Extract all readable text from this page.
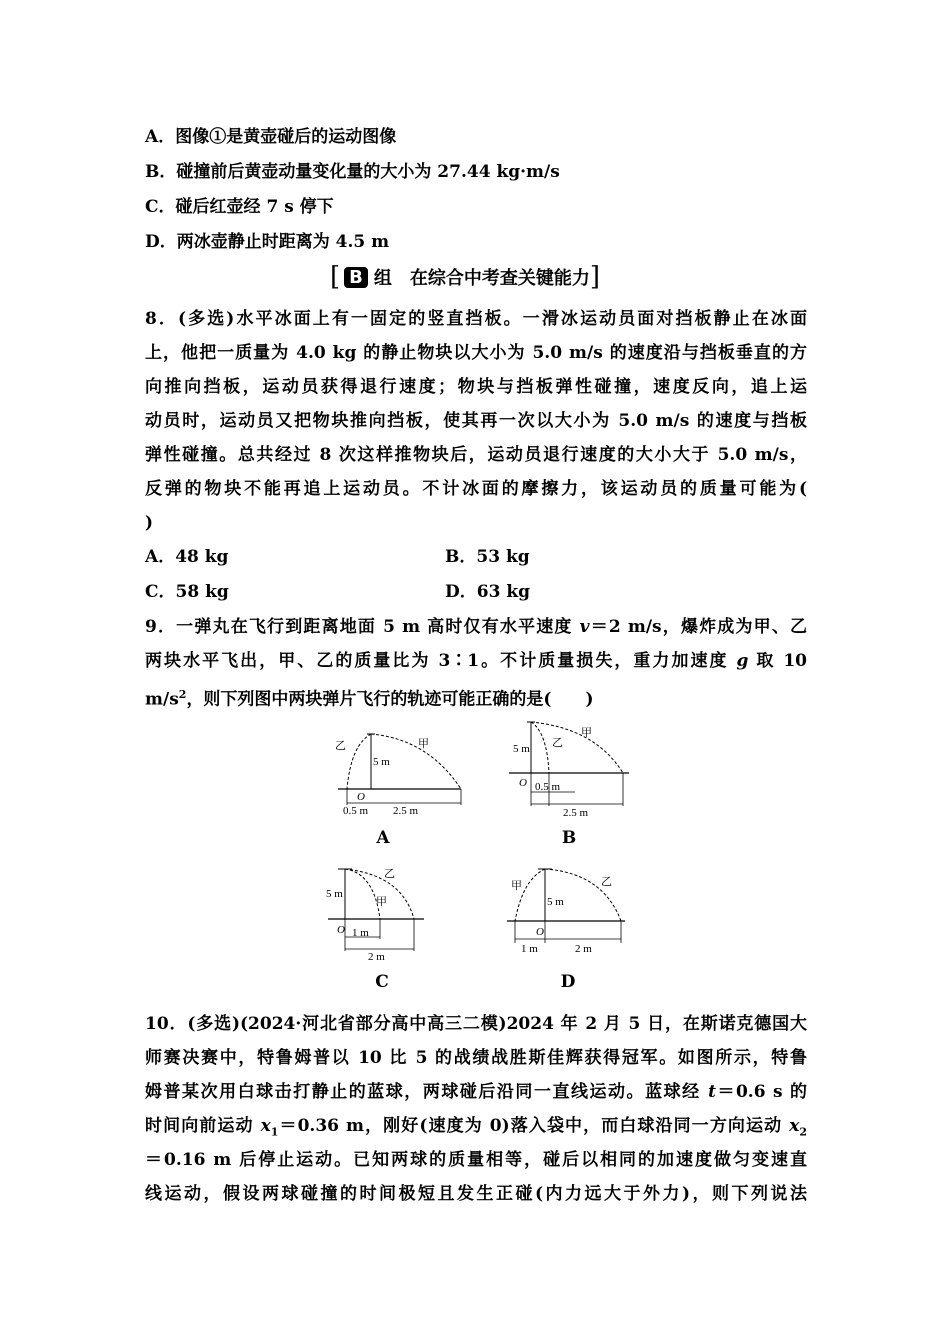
A．图像①是黄壶碰后的运动图像
B．碰撞前后黄壶动量变化量的大小为 27.44 kg·m/s
C．碰后红壶经 7 s 停下
D．两冰壶静止时距离为 4.5 m
[ B 组 在综合中考查关键能力 ]
8．(多选)水平冰面上有一固定的竖直挡板。一滑冰运动员面对挡板静止在冰面
上，他把一质量为 4.0 kg 的静止物块以大小为 5.0 m/s 的速度沿与挡板垂直的方
向推向挡板，运动员获得退行速度；物块与挡板弹性碰撞，速度反向，追上运
动员时，运动员又把物块推向挡板，使其再一次以大小为 5.0 m/s 的速度与挡板
弹性碰撞。总共经过 8 次这样推物块后，运动员退行速度的大小大于 5.0 m/s，
反弹的物块不能再追上运动员。不计冰面的摩擦力，该运动员的质量可能为(
)
A．48 kg	B．53 kg
C．58 kg	D．63 kg
9．一弹丸在飞行到距离地面 5 m 高时仅有水平速度 v＝2 m/s，爆炸成为甲、乙
两块水平飞出，甲、乙的质量比为 3∶1。不计质量损失，重力加速度 g 取 10
$m/s^2$，则下列图中两块弹片飞行的轨迹可能正确的是(　　)
乙	甲
5 m
O
0.5 m 2.5 m
A
5 m 乙
甲
O 0.5 m
2.5 m
B
5 m
乙
甲
O 1 m
2 m
C
甲	乙
5 m
O
1 m	2 m
D
10．(多选)(2024·河北省部分高中高三二模)2024 年 2 月 5 日，在斯诺克德国大
师赛决赛中，特鲁姆普以 10 比 5 的战绩战胜斯佳辉获得冠军。如图所示，特鲁
姆普某次用白球击打静止的蓝球，两球碰后沿同一直线运动。蓝球经 t＝0.6 s 的
时间向前运动 $x_1=0.36$ m，刚好(速度为 0)落入袋中，而白球沿同一方向运动 $x_2$
＝0.16 m 后停止运动。已知两球的质量相等，碰后以相同的加速度做匀变速直
线运动，假设两球碰撞的时间极短且发生正碰(内力远大于外力)，则下列说法
